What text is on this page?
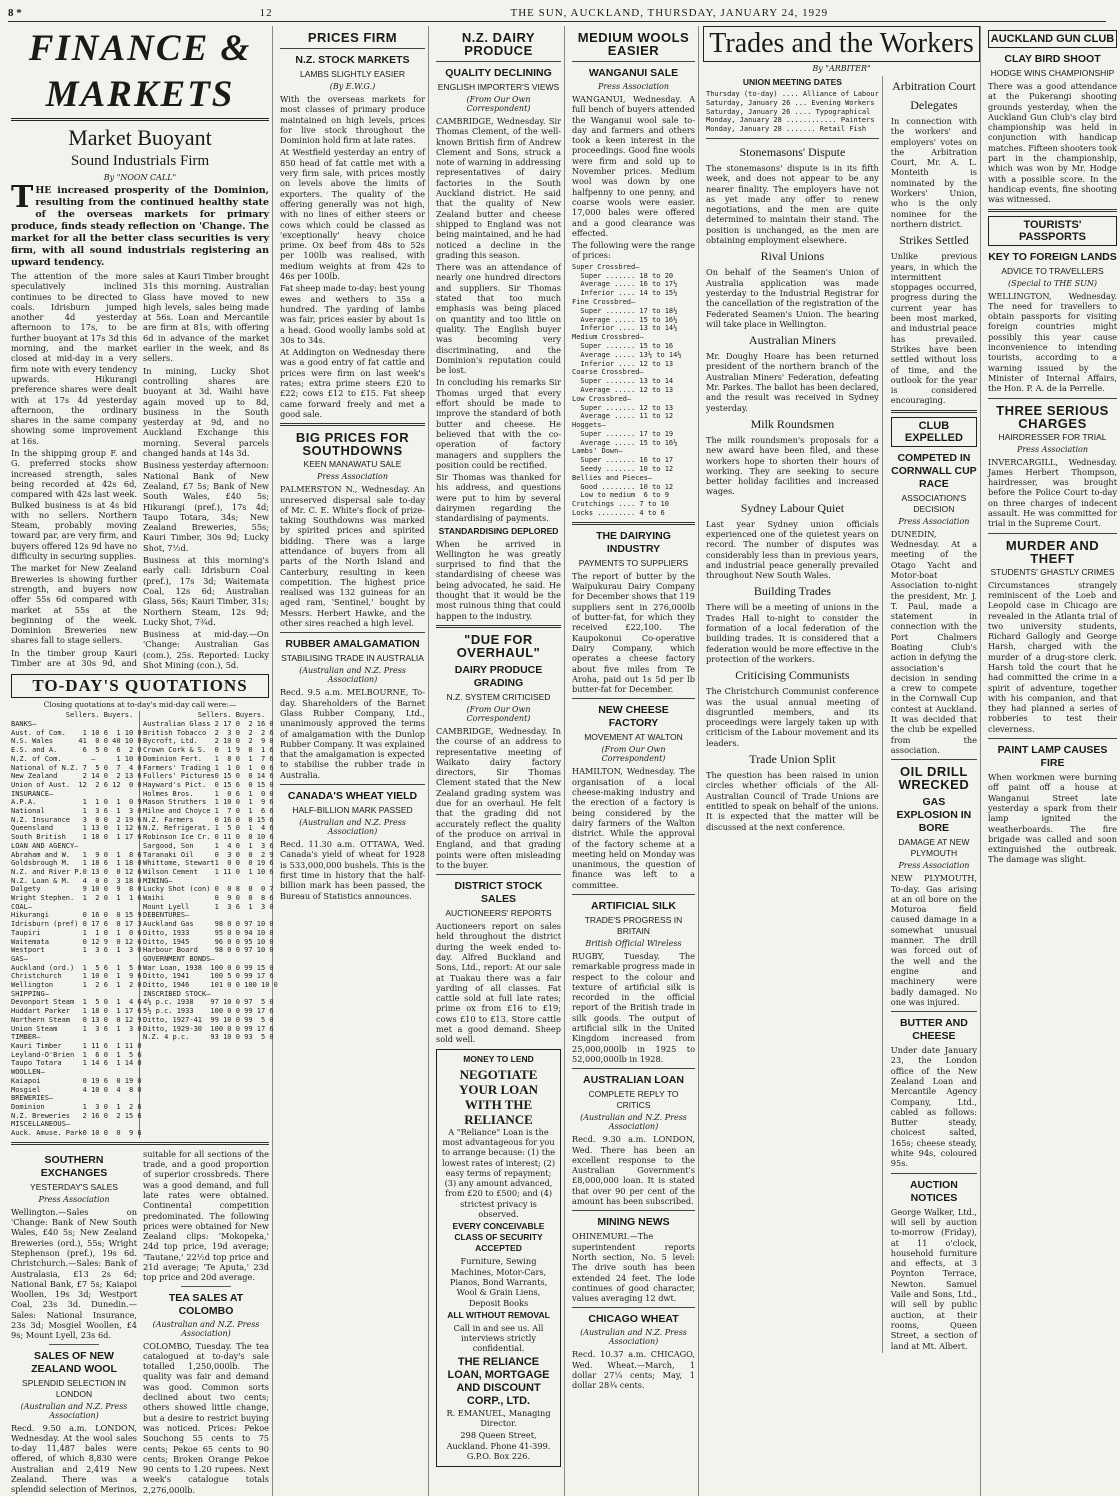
8 *	12	THE SUN, AUCKLAND, THURSDAY, JANUARY 24, 1929
FINANCE & MARKETS
Market Buoyant
Sound Industrials Firm
By "NOON CALL"
THE increased prosperity of the Dominion, resulting from the continued healthy state of the overseas markets for primary produce, finds steady reflection on 'Change. The market for all the better class securities is very firm, with all sound industrials registering an upward tendency.

The attention of the more speculatively inclined continues to be directed to coals. Idrisburn jumped another 4d yesterday afternoon to 17s, to be further buoyant at 17s 3d this morning, and the market closed at mid-day in a very firm note with every tendency upwards. Hikurangi preference shares were dealt with at 17s 4d yesterday afternoon, the ordinary shares in the same company showing some improvement at 16s.

In the shipping group F. and G. preferred stocks show increased strength, sales being recorded at 42s 6d, compared with 42s last week. Bulked business is at 4s bid with no sellers. Northern Steam, probably moving toward par, are very firm, and buyers offered 12s 9d have no difficulty in securing supplies.

The market for New Zealand Breweries is showing further strength, and buyers now offer 55s 6d compared with market at 55s at the beginning of the week. Dominion Breweries new shares fall to stage sellers.

In the timber group Kauri Timber are at 30s 9d, and sales at Kauri Timber brought 31s this morning. Australian Glass have moved to new high levels, sales being made at 56s. Loan and Mercantile are firm at 81s, with offering 6d in advance of the market earlier in the week, and 8s sellers.

In mining, Lucky Shot controlling shares are buoyant at 3d. Waihi have again moved up to 8d, business in the South yesterday at 9d, and no Auckland Exchange this morning. Several parcels changed hands at 14s 3d.

Business yesterday afternoon: National Bank of New Zealand, £7 5s; Bank of New South Wales, £40 5s; Hikurangi (pref.), 17s 4d; Taupo Totara, 34s; New Zealand Breweries, 55s; Kauri Timber, 30s 9d; Lucky Shot, 7½d.

Business at this morning's early call: Idrisburn Coal (pref.), 17s 3d; Waitemata Coal, 12s 6d; Australian Glass, 56s; Kauri Timber, 31s; Northern Steam, 12s 9d; Lucky Shot, 7¾d.

Business at mid-day.—On 'Change: Australian Gas (com.), 25s. Reported: Lucky Shot Mining (con.), 5d.

TO-DAY'S QUOTATIONS
Closing quotations at to-day's mid-day call were:—
Sellers. Buyers.
BANKS—
Aust. of Com.    1 10 6  1 10 0
N.S. Wales      41  0 0 40 10 0
E.S. and A.      6  5 0  6  2 0
N.Z. of Com.       —     1 10 0
National of N.Z. 7  5 0  7  4 0
New Zealand      2 14 0  2 13 6
Union of Aust.  12  2 6 12  0 0
INSURANCE—
A.P.A.           1  1 0  1  0 9
National         1  3 6  1  3 0
N.Z. Insurance   3  0 0  2 19 6
Queensland       1 13 0  1 12 6
South British    1 18 0  1 17 6
LOAN AND AGENCY—
Abraham and W.   1  9 0  1  8 6
Goldsbrough M.   1 18 6  1 18 0
N.Z. and River P.0 13 0  0 12 6
N.Z. Loan & M.   4  0 0  3 18 0
Dalgety          9 10 0  9  8 0
Wright Stephen.  1  2 0  1  1 6
COAL—
Hikurangi        0 16 0  0 15 9
Idrisburn (pref) 0 17 6  0 17 3
Taupiri          1  1 0  1  0 6
Waitemata        0 12 9  0 12 6
Westport         1  3 6  1  3 0
GAS—
Auckland (ord.)  1  5 6  1  5 0
Christchurch     1 10 0  1  9 6
Wellington       1  2 6  1  2 0
SHIPPING—
Devonport Steam  1  5 0  1  4 6
Huddart Parker   1 18 0  1 17 6
Northern Steam   0 13 0  0 12 9
Union Steam      1  3 6  1  3 0
TIMBER—
Kauri Timber     1 11 6  1 11 0
Leyland-O'Brien  1  6 0  1  5 6
Taupo Totara     1 14 6  1 14 0
WOOLLEN—
Kaiapoi          0 19 6  0 19 0
Mosgiel          4 10 0  4  8 0
BREWERIES—
Dominion         1  3 0  1  2 6
N.Z. Breweries   2 16 0  2 15 6
MISCELLANEOUS—
Auck. Amuse. Park0 10 0  0  9 6
Sellers. Buyers.
Australian Glass 2 17 0  2 16 0
British Tobacco  2  3 0  2  2 6
Bycroft, Ltd.    2 10 0  2  9 0
Crown Cork & S.  0  1 9  0  1 6
Dominion Fert.   1  8 0  1  7 6
Farmers' Trading 1  1 0  1  0 6
Fullers' Pictures0 15 0  0 14 6
Hayward's Pict.  0 15 6  0 15 0
Holmes Bros.     1  0 6  1  0 0
Mason Struthers  1 10 0  1  9 6
Milne and Choyce 1  7 0  1  6 6
N.Z. Farmers     0 16 0  0 15 6
N.Z. Refrigerat. 1  5 0  1  4 6
Robinson Ice Cr. 0 11 0  0 10 6
Sargood, Son     1  4 0  1  3 6
Taranaki Oil     0  3 0  0  2 9
Whittome, Stewart1  0 0  0 19 6
Wilson Cement    1 11 0  1 10 6
MINING—
Lucky Shot (con) 0  0 8  0  0 7
Waihi            0  9 0  0  8 6
Mount Lyell      1  3 6  1  3 0
DEBENTURES—
Auckland Gas     98 0 0 97 10 0
Ditto, 1933      95 0 0 94 10 0
Ditto, 1945      96 0 0 95 10 0
Harbour Board    98 0 0 97 10 0
GOVERNMENT BONDS—
War Loan, 1938  100 0 0 99 15 0
Ditto, 1941     100 5 0 99 17 6
Ditto, 1946     101 0 0 100 10 0
INSCRIBED STOCK—
4½ p.c. 1938    97 10 0 97  5 0
5½ p.c. 1933    100 0 0 99 17 6
Ditto, 1927-41  99 10 0 99  5 0
Ditto, 1929-30  100 0 0 99 17 6
N.Z. 4 p.c.     93 10 0 93  5 0
SOUTHERN EXCHANGES
YESTERDAY'S SALES
Press Association

Wellington.—Sales on 'Change: Bank of New South Wales, £40 5s; New Zealand Breweries (ord.), 55s; Wright Stephenson (pref.), 19s 6d. Christchurch.—Sales: Bank of Australasia, £13 2s 6d; National Bank, £7 5s; Kaiapoi Woollen, 19s 3d; Westport Coal, 23s 3d. Dunedin.—Sales: National Insurance, 23s 3d; Mosgiel Woollen, £4 9s; Mount Lyell, 23s 6d.

SALES OF NEW ZEALAND WOOL
SPLENDID SELECTION IN LONDON
(Australian and N.Z. Press Association)

Recd. 9.50 a.m. LONDON, Wednesday. At the wool sales to-day 11,487 bales were offered, of which 8,830 were Australian and 2,419 New Zealand. There was a splendid selection of Merinos, suitable for all sections of the trade, and a good proportion of superior crossbreds. There was a good demand, and full late rates were obtained. Continental competition predominated. The following prices were obtained for New Zealand clips: 'Mokopeka,' 24d top price, 19d average; 'Tautane,' 22½d top price and 21d average; 'Te Aputa,' 23d top price and 20d average.

TEA SALES AT COLOMBO
(Australian and N.Z. Press Association)

COLOMBO, Tuesday. The tea catalogued at to-day's sale totalled 1,250,000lb. The quality was fair and demand was good. Common sorts declined about two cents; others showed little change, but a desire to restrict buying was noticed. Prices: Pekoe Souchong 55 cents to 75 cents; Pekoe 65 cents to 90 cents; Broken Orange Pekoe 90 cents to 1.20 rupees. Next week's catalogue totals 2,276,000lb.

PRICES FIRM
N.Z. STOCK MARKETS
LAMBS SLIGHTLY EASIER
(By E.W.G.)

With the overseas markets for most classes of primary produce maintained on high levels, prices for live stock throughout the Dominion hold firm at late rates.

At Westfield yesterday an entry of 850 head of fat cattle met with a very firm sale, with prices mostly on levels above the limits of exporters. The quality of the offering generally was not high, with no lines of either steers or cows which could be classed as 'exceptionally' heavy choice prime. Ox beef from 48s to 52s per 100lb was realised, with medium weights at from 42s to 46s per 100lb.

Fat sheep made to-day: best young ewes and wethers to 35s a hundred. The yarding of lambs was fair, prices easier by about 1s a head. Good woolly lambs sold at 30s to 34s.

At Addington on Wednesday there was a good entry of fat cattle and prices were firm on last week's rates; extra prime steers £20 to £22; cows £12 to £15. Fat sheep came forward freely and met a good sale.

BIG PRICES FOR SOUTHDOWNS
KEEN MANAWATU SALE
Press Association

PALMERSTON N., Wednesday. An unreserved dispersal sale to-day of Mr. C. E. White's flock of prize-taking Southdowns was marked by spirited prices and spirited bidding. There was a large attendance of buyers from all parts of the North Island and Canterbury, resulting in keen competition. The highest price realised was 132 guineas for an aged ram, 'Sentinel,' bought by Messrs. Herbert Hawke, and the other sires reached a high level.

RUBBER AMALGAMATION
STABILISING TRADE IN AUSTRALIA
(Australian and N.Z. Press Association)

Recd. 9.5 a.m. MELBOURNE, To-day. Shareholders of the Barnet Glass Rubber Company, Ltd., unanimously approved the terms of amalgamation with the Dunlop Rubber Company. It was explained that the amalgamation is expected to stabilise the rubber trade in Australia.

CANADA'S WHEAT YIELD
HALF-BILLION MARK PASSED
(Australian and N.Z. Press Association)

Recd. 11.30 a.m. OTTAWA, Wed. Canada's yield of wheat for 1928 is 533,000,000 bushels. This is the first time in history that the half-billion mark has been passed, the Bureau of Statistics announces.

N.Z. DAIRY PRODUCE
QUALITY DECLINING
ENGLISH IMPORTER'S VIEWS
(From Our Own Correspondent)

CAMBRIDGE, Wednesday. Sir Thomas Clement, of the well-known British firm of Andrew Clement and Sons, struck a note of warning in addressing representatives of dairy factories in the South Auckland district. He said that the quality of New Zealand butter and cheese shipped to England was not being maintained, and he had noticed a decline in the grading this season.

There was an attendance of nearly one hundred directors and suppliers. Sir Thomas stated that too much emphasis was being placed on quantity and too little on quality. The English buyer was becoming very discriminating, and the Dominion's reputation could be lost.

In concluding his remarks Sir Thomas urged that every effort should be made to improve the standard of both butter and cheese. He believed that with the co-operation of factory managers and suppliers the position could be rectified.

Sir Thomas was thanked for his address, and questions were put to him by several dairymen regarding the standardising of payments.

STANDARDISING DEPLORED

When he arrived in Wellington he was greatly surprised to find that the standardising of cheese was being advocated, he said. He thought that it would be the most ruinous thing that could happen to the industry.

"DUE FOR OVERHAUL"
DAIRY PRODUCE GRADING
N.Z. SYSTEM CRITICISED
(From Our Own Correspondent)

CAMBRIDGE, Wednesday. In the course of an address to representative meeting of Waikato dairy factory directors, Sir Thomas Clement stated that the New Zealand grading system was due for an overhaul. He felt that the grading did not accurately reflect the quality of the produce on arrival in England, and that grading points were often misleading to the buyer.

DISTRICT STOCK SALES
AUCTIONEERS' REPORTS

Auctioneers report on sales held throughout the district during the week ended to-day. Alfred Buckland and Sons, Ltd., report: At our sale at Tuakau there was a fair yarding of all classes. Fat cattle sold at full late rates; prime ox from £16 to £19; cows £10 to £13. Store cattle met a good demand. Sheep sold well.

MONEY TO LEND
NEGOTIATE YOUR LOAN WITH THE RELIANCE

A "Reliance" Loan is the most advantageous for you to arrange because: (1) the lowest rates of interest; (2) easy terms of repayment; (3) any amount advanced, from £20 to £500; and (4) strictest privacy is observed.

EVERY CONCEIVABLE CLASS OF SECURITY ACCEPTED

Furniture, Sewing Machines, Motor-Cars, Pianos, Bond Warrants, Wool & Grain Liens, Deposit Books

ALL WITHOUT REMOVAL

Call in and see us. All interviews strictly confidential.

THE RELIANCE LOAN, MORTGAGE AND DISCOUNT CORP., LTD.

R. EMANUEL, Managing Director.

298 Queen Street, Auckland. Phone 41-399. G.P.O. Box 226.

MEDIUM WOOLS EASIER
WANGANUI SALE
Press Association

WANGANUI, Wednesday. A full bench of buyers attended the Wanganui wool sale to-day and farmers and others took a keen interest in the proceedings. Good fine wools were firm and sold up to November prices. Medium wool was down by one halfpenny to one penny, and coarse wools were easier. 17,000 bales were offered and a good clearance was effected.

The following were the range of prices:

Super Crossbred—
Super ....... 18 to 20
Average ..... 16 to 17½
Inferior .... 14 to 15½
Fine Crossbred—
Super ....... 17 to 18½
Average ..... 15 to 16½
Inferior .... 13 to 14½
Medium Crossbred—
Super ....... 15 to 16
Average ..... 13½ to 14½
Inferior .... 12 to 13
Coarse Crossbred—
Super ....... 13 to 14
Average ..... 12 to 13
Low Crossbred—
Super ....... 12 to 13
Average ..... 11 to 12
Hoggets—
Super ....... 17 to 19
Average ..... 15 to 16½
Lambs' Down—
Super ....... 16 to 17
Seedy ....... 10 to 12
Bellies and Pieces—
Good ........ 10 to 12
Low to medium  6 to 9
Crutchings .... 7 to 10
Locks ......... 4 to 6
THE DAIRYING INDUSTRY
PAYMENTS TO SUPPLIERS

The report of butter by the Waipukurau Dairy Company for December shows that 119 suppliers sent in 276,000lb of butter-fat, for which they received £22,100. The Kaupokonui Co-operative Dairy Company, which operates a cheese factory about five miles from Te Aroha, paid out 1s 5d per lb butter-fat for December.

NEW CHEESE FACTORY
MOVEMENT AT WALTON
(From Our Own Correspondent)

HAMILTON, Wednesday. The organisation of a local cheese-making industry and the erection of a factory is being considered by the dairy farmers of the Walton district. While the approval of the factory scheme at a meeting held on Monday was unanimous, the question of finance was left to a committee.

ARTIFICIAL SILK
TRADE'S PROGRESS IN BRITAIN
British Official Wireless

RUGBY, Tuesday. The remarkable progress made in respect to the colour and texture of artificial silk is recorded in the official report of the British trade in silk goods. The output of artificial silk in the United Kingdom increased from 25,000,000lb in 1925 to 52,000,000lb in 1928.

AUSTRALIAN LOAN
COMPLETE REPLY TO CRITICS
(Australian and N.Z. Press Association)

Recd. 9.30 a.m. LONDON, Wed. There has been an excellent response to the Australian Government's £8,000,000 loan. It is stated that over 90 per cent of the amount has been subscribed.

MINING NEWS

OHINEMURI.—The superintendent reports North section, No. 5 level: The drive south has been extended 24 feet. The lode continues of good character, values averaging 12 dwt.

CHICAGO WHEAT
(Australian and N.Z. Press Association)

Recd. 10.37 a.m. CHICAGO, Wed. Wheat.—March, 1 dollar 27¼ cents; May, 1 dollar 28¾ cents.

Trades and the Workers
By "ARBITER"
UNION MEETING DATES
Thursday (to-day) .... Alliance of Labour
Saturday, January 26 ... Evening Workers
Saturday, January 26 .... Typographical
Monday, January 28 ............ Painters
Monday, January 28 ....... Retail Fish
Stonemasons' Dispute

The stonemasons' dispute is in its fifth week, and does not appear to be any nearer finality. The employers have not as yet made any offer to renew negotiations, and the men are quite determined to maintain their stand. The position is unchanged, as the men are obtaining employment elsewhere.

Rival Unions

On behalf of the Seamen's Union of Australia application was made yesterday to the Industrial Registrar for the cancellation of the registration of the Federated Seamen's Union. The hearing will take place in Wellington.

Australian Miners

Mr. Doughy Hoare has been returned president of the northern branch of the Australian Miners' Federation, defeating Mr. Parkes. The ballot has been declared, and the result was received in Sydney yesterday.

Milk Roundsmen

The milk roundsmen's proposals for a new award have been filed, and these workers hope to shorten their hours of working. They are seeking to secure better holiday facilities and increased wages.

Sydney Labour Quiet

Last year Sydney union officials experienced one of the quietest years on record. The number of disputes was considerably less than in previous years, and industrial peace generally prevailed throughout New South Wales.

Building Trades

There will be a meeting of unions in the Trades Hall to-night to consider the formation of a local federation of the building trades. It is considered that a federation would be more effective in the protection of the workers.

Criticising Communists

The Christchurch Communist conference was the usual annual meeting of disgruntled members, and its proceedings were largely taken up with criticism of the Labour movement and its leaders.

Trade Union Split

The question has been raised in union circles whether officials of the All-Australian Council of Trade Unions are entitled to speak on behalf of the unions. It is expected that the matter will be discussed at the next conference.

Arbitration Court Delegates

In connection with the workers' and employers' votes on the Arbitration Court, Mr. A. L. Monteith is nominated by the Workers' Union, who is the only nominee for the northern district.

Strikes Settled

Unlike previous years, in which the intermittent stoppages occurred, progress during the current year has been most marked, and industrial peace has prevailed. Strikes have been settled without loss of time, and the outlook for the year is considered encouraging.

CLUB EXPELLED
COMPETED IN CORNWALL CUP RACE
ASSOCIATION'S DECISION
Press Association

DUNEDIN, Wednesday. At a meeting of the Otago Yacht and Motor-boat Association to-night the president, Mr. J. T. Paul, made a statement in connection with the Port Chalmers Boating Club's action in defying the association's decision in sending a crew to compete in the Cornwall Cup contest at Auckland. It was decided that the club be expelled from the association.

OIL DRILL WRECKED
GAS EXPLOSION IN BORE
DAMAGE AT NEW PLYMOUTH
Press Association

NEW PLYMOUTH, To-day. Gas arising at an oil bore on the Moturoa field caused damage in a somewhat unusual manner. The drill was forced out of the well and the engine and machinery were badly damaged. No one was injured.

BUTTER AND CHEESE

Under date January 23, the London office of the New Zealand Loan and Mercantile Agency Company, Ltd., cabled as follows: Butter steady, choicest salted, 165s; cheese steady, white 94s, coloured 95s.

AUCTION NOTICES

George Walker, Ltd., will sell by auction to-morrow (Friday), at 11 o'clock, household furniture and effects, at 3 Poynton Terrace, Newton. Samuel Vaile and Sons, Ltd., will sell by public auction, at their rooms, Queen Street, a section of land at Mt. Albert.

AUCKLAND GUN CLUB
CLAY BIRD SHOOT
HODGE WINS CHAMPIONSHIP

There was a good attendance at the Pukerangi shooting grounds yesterday, when the Auckland Gun Club's clay bird championship was held in conjunction with handicap matches. Fifteen shooters took part in the championship, which was won by Mr. Hodge with a possible score. In the handicap events, fine shooting was witnessed.

TOURISTS' PASSPORTS
KEY TO FOREIGN LANDS
ADVICE TO TRAVELLERS
(Special to THE SUN)

WELLINGTON, Wednesday. The need for travellers to obtain passports for visiting foreign countries might possibly this year cause inconvenience to intending tourists, according to a warning issued by the Minister of Internal Affairs, the Hon. P. A. de la Perrelle.

THREE SERIOUS CHARGES
HAIRDRESSER FOR TRIAL
Press Association

INVERCARGILL, Wednesday. James Herbert Thompson, hairdresser, was brought before the Police Court to-day on three charges of indecent assault. He was committed for trial in the Supreme Court.

MURDER AND THEFT
STUDENTS' GHASTLY CRIMES

Circumstances strangely reminiscent of the Loeb and Leopold case in Chicago are revealed in the Atlanta trial of two university students, Richard Gallogly and George Harsh, charged with the murder of a drug-store clerk. Harsh told the court that he had committed the crime in a spirit of adventure, together with his companion, and that they had planned a series of robberies to test their cleverness.

PAINT LAMP CAUSES FIRE

When workmen were burning off paint off a house at Wanganui Street late yesterday a spark from their lamp ignited the weatherboards. The fire brigade was called and soon extinguished the outbreak. The damage was slight.
